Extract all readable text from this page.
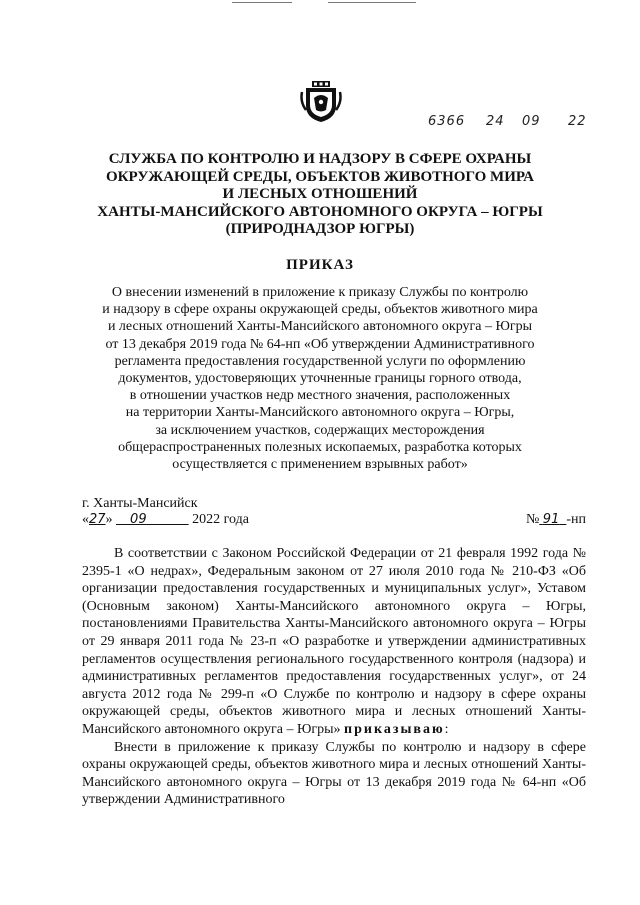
6366 24 09 22
СЛУЖБА ПО КОНТРОЛЮ И НАДЗОРУ В СФЕРЕ ОХРАНЫ
ОКРУЖАЮЩЕЙ СРЕДЫ, ОБЪЕКТОВ ЖИВОТНОГО МИРА
И ЛЕСНЫХ ОТНОШЕНИЙ
ХАНТЫ-МАНСИЙСКОГО АВТОНОМНОГО ОКРУГА – ЮГРЫ
(ПРИРОДНАДЗОР ЮГРЫ)
ПРИКАЗ
О внесении изменений в приложение к приказу Службы по контролю
и надзору в сфере охраны окружающей среды, объектов животного мира
и лесных отношений Ханты-Мансийского автономного округа – Югры
от 13 декабря 2019 года № 64-нп «Об утверждении Административного
регламента предоставления государственной услуги по оформлению
документов, удостоверяющих уточненные границы горного отвода,
в отношении участков недр местного значения, расположенных
на территории Ханты-Мансийского автономного округа – Югры,
за исключением участков, содержащих месторождения
общераспространенных полезных ископаемых, разработка которых
осуществляется с применением взрывных работ»
г. Ханты-Мансийск
«27» 09	2022 года	№ 91 -нп

В соответствии с Законом Российской Федерации от 21 февраля 1992 года № 2395-1 «О недрах», Федеральным законом от 27 июля 2010 года № 210-ФЗ «Об организации предоставления государственных и муниципальных услуг», Уставом (Основным законом) Ханты-Мансийского автономного округа – Югры, постановлениями Правительства Ханты-Мансийского автономного округа – Югры от 29 января 2011 года № 23-п «О разработке и утверждении административных регламентов осуществления регионального государственного контроля (надзора) и административных регламентов предоставления государственных услуг», от 24 августа 2012 года № 299-п «О Службе по контролю и надзору в сфере охраны окружающей среды, объектов животного мира и лесных отношений Ханты-Мансийского автономного округа – Югры» приказываю:

Внести в приложение к приказу Службы по контролю и надзору в сфере охраны окружающей среды, объектов животного мира и лесных отношений Ханты-Мансийского автономного округа – Югры от 13 декабря 2019 года № 64-нп «Об утверждении Административного
